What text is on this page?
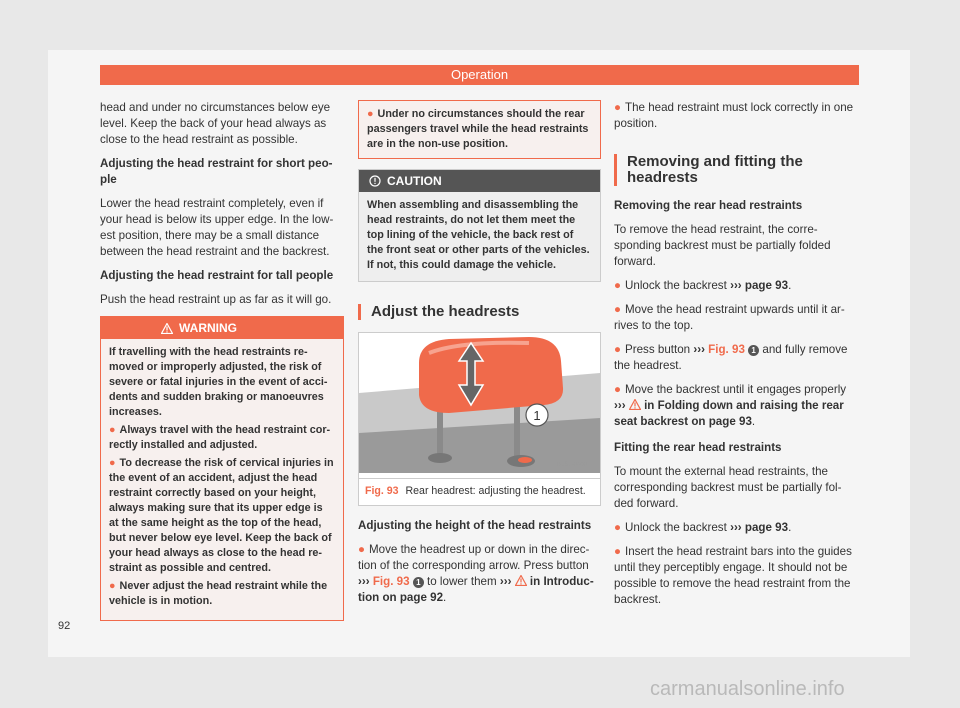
Operation

head and under no circumstances below eye level. Keep the back of your head always as close to the head restraint as possible.

Adjusting the head restraint for short peo-ple

Lower the head restraint completely, even if your head is below its upper edge. In the low-est position, there may be a small distance between the head restraint and the backrest.

Adjusting the head restraint for tall people

Push the head restraint up as far as it will go.

WARNING

If travelling with the head restraints re-moved or improperly adjusted, the risk of severe or fatal injuries in the event of acci-dents and sudden braking or manoeuvres increases.

● Always travel with the head restraint cor-rectly installed and adjusted.

● To decrease the risk of cervical injuries in the event of an accident, adjust the head restraint correctly based on your height, always making sure that its upper edge is at the same height as the top of the head, but never below eye level. Keep the back of your head always as close to the head re-straint as possible and centred.

● Never adjust the head restraint while the vehicle is in motion.

● Under no circumstances should the rear passengers travel while the head restraints are in the non-use position.
CAUTION
When assembling and disassembling the head restraints, do not let them meet the top lining of the vehicle, the back rest of the front seat or other parts of the vehicles. If not, this could damage the vehicle.
Adjust the headrests
1
B1SL-0400
Fig. 93 Rear headrest: adjusting the headrest.

Adjusting the height of the head restraints

● Move the headrest up or down in the direc-tion of the corresponding arrow. Press button ››› Fig. 93 1 to lower them ››› in Introduc-tion on page 92.

● The head restraint must lock correctly in one position.

Removing and fitting the headrests

Removing the rear head restraints

To remove the head restraint, the corre-sponding backrest must be partially folded forward.

● Unlock the backrest ››› page 93.

● Move the head restraint upwards until it ar-rives to the top.

● Press button ››› Fig. 93 1 and fully remove the headrest.

● Move the backrest until it engages properly ››› in Folding down and raising the rear seat backrest on page 93.

Fitting the rear head restraints

To mount the external head restraints, the corresponding backrest must be partially fol-ded forward.

● Unlock the backrest ››› page 93.

● Insert the head restraint bars into the guides until they perceptibly engage. It should not be possible to remove the head restraint from the backrest.

92
carmanualsonline.info
